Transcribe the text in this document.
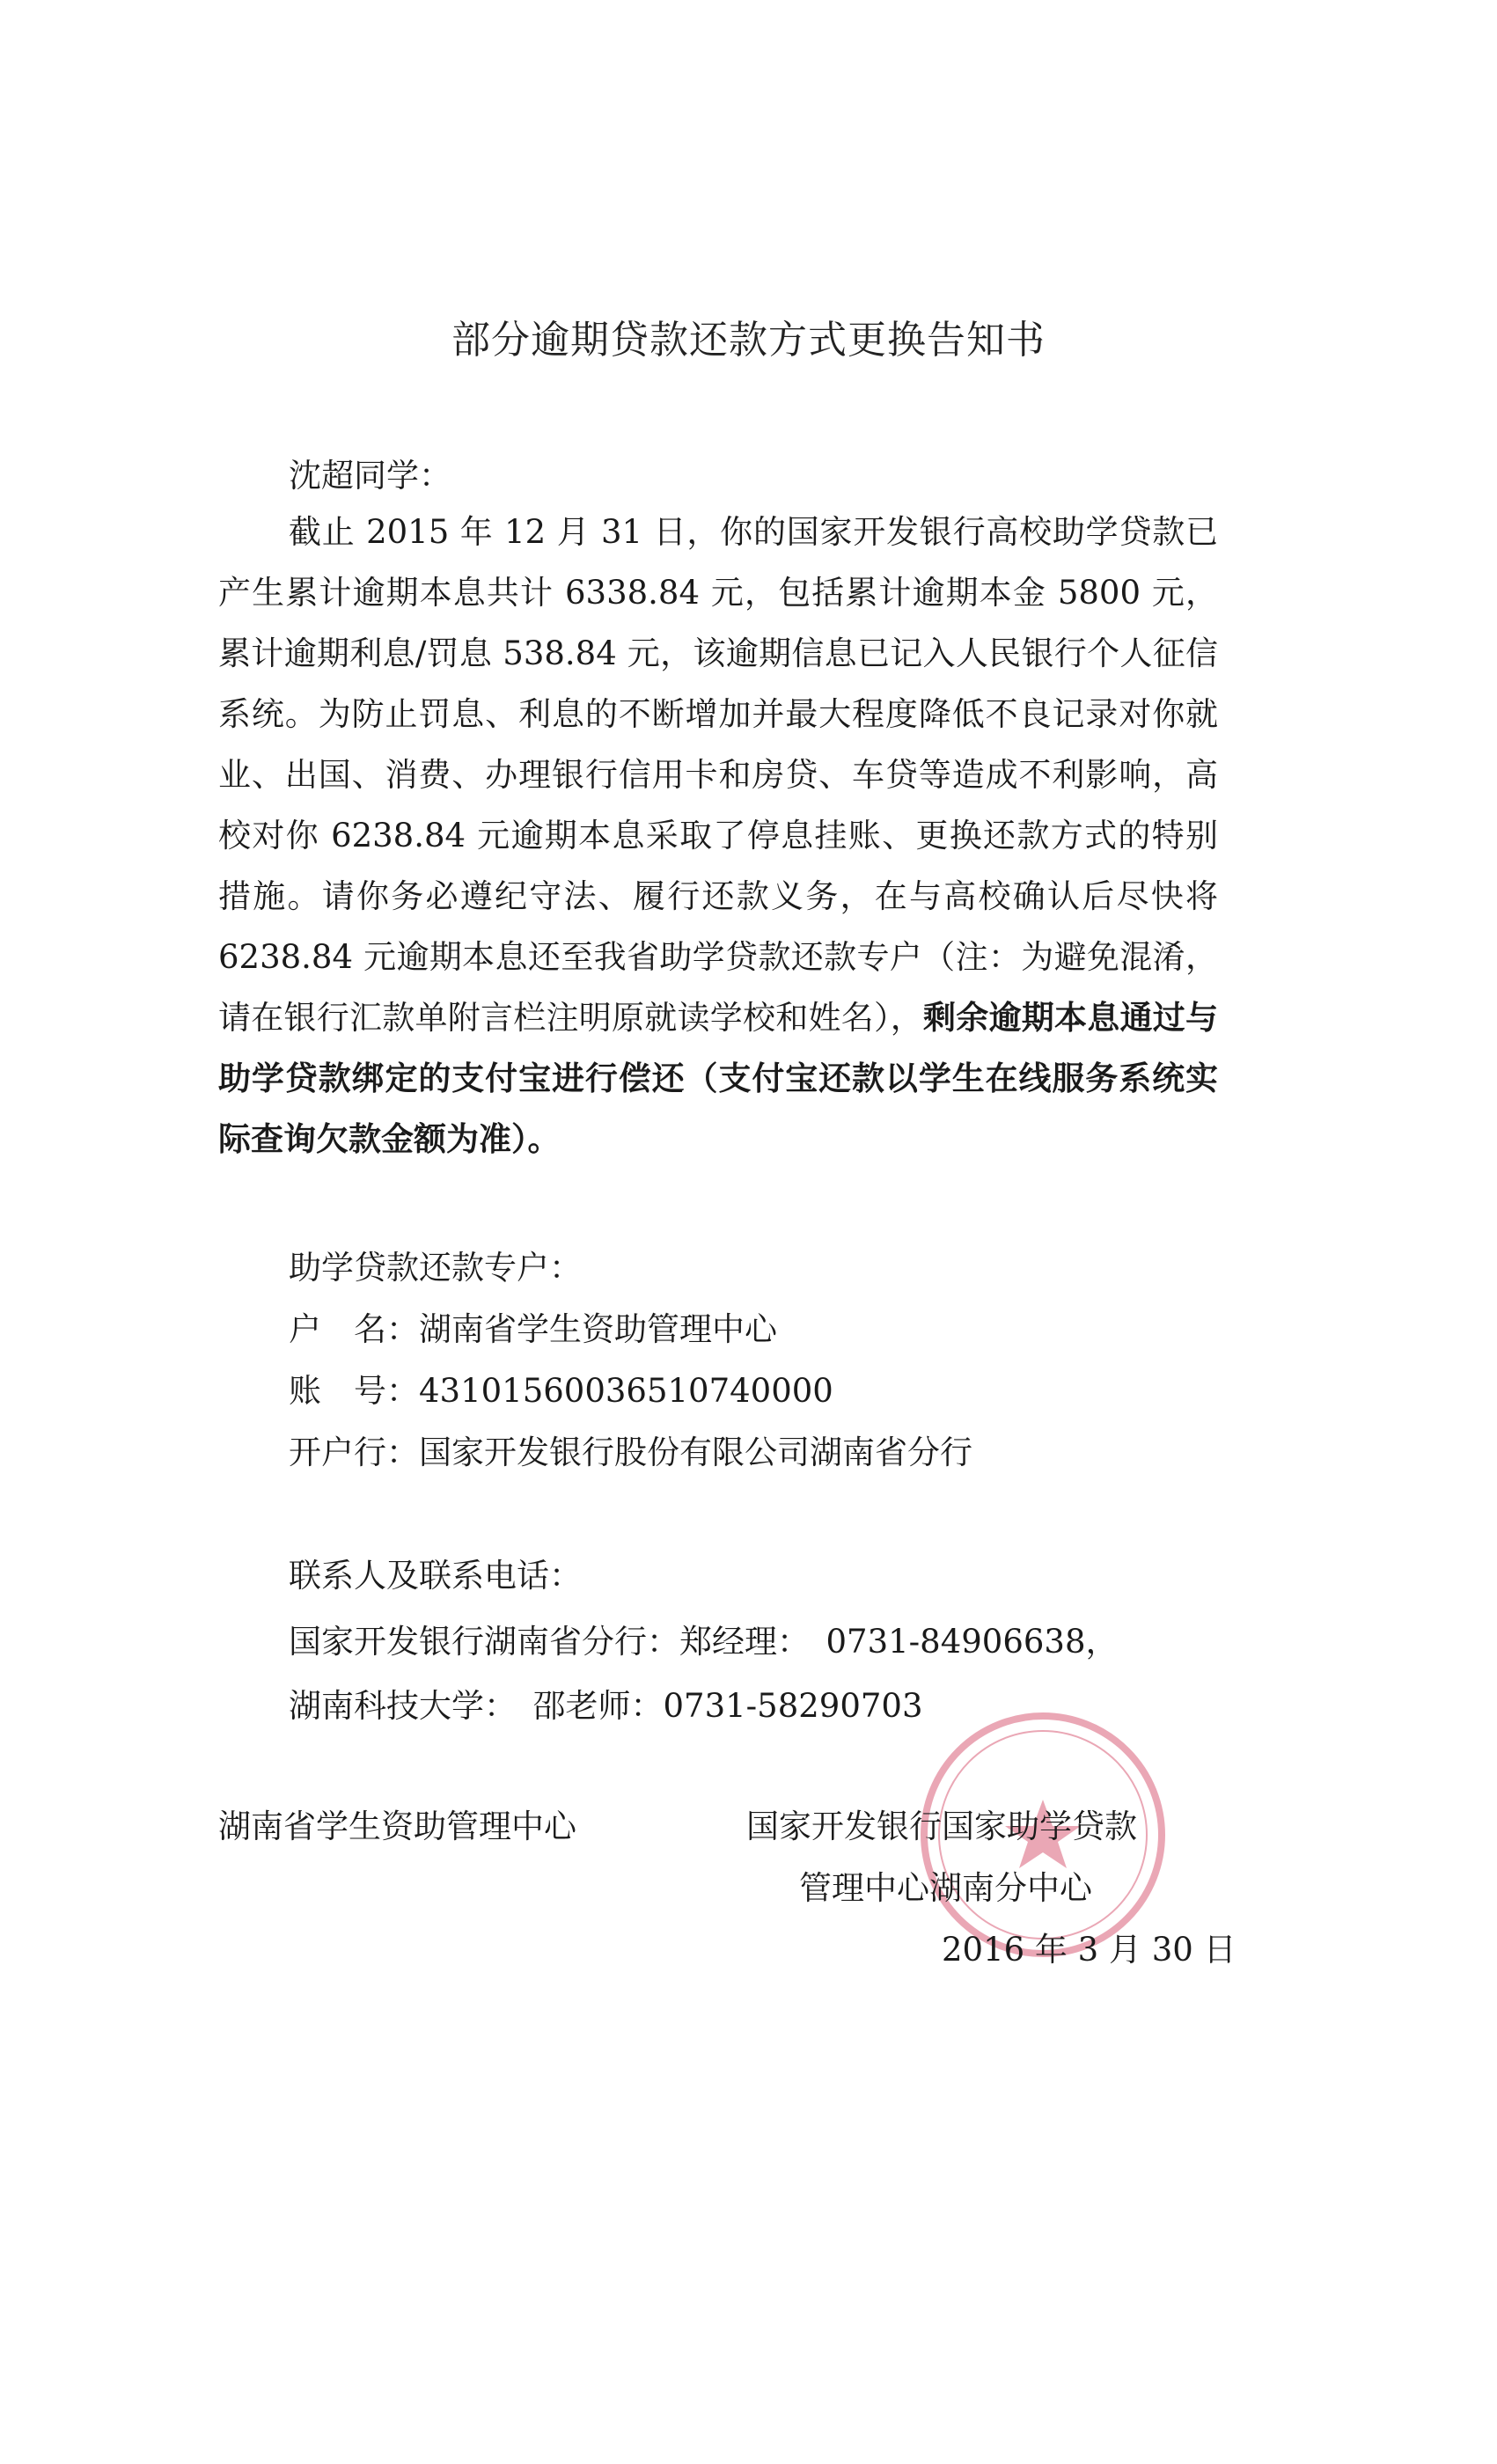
部分逾期贷款还款方式更换告知书
沈超同学：
截止 2015 年 12 月 31 日，你的国家开发银行高校助学贷款已产生累计逾期本息共计 6338.84 元，包括累计逾期本金 5800 元，累计逾期利息/罚息 538.84 元，该逾期信息已记入人民银行个人征信系统。为防止罚息、利息的不断增加并最大程度降低不良记录对你就业、出国、消费、办理银行信用卡和房贷、车贷等造成不利影响，高校对你 6238.84 元逾期本息采取了停息挂账、更换还款方式的特别措施。请你务必遵纪守法、履行还款义务，在与高校确认后尽快将 6238.84 元逾期本息还至我省助学贷款还款专户（注：为避免混淆，请在银行汇款单附言栏注明原就读学校和姓名），剩余逾期本息通过与助学贷款绑定的支付宝进行偿还（支付宝还款以学生在线服务系统实际查询欠款金额为准）。
助学贷款还款专户：
户　名：湖南省学生资助管理中心
账　号：43101560036510740000
开户行：国家开发银行股份有限公司湖南省分行
联系人及联系电话：
国家开发银行湖南省分行：郑经理：　0731-84906638，
湖南科技大学：　邵老师：0731-58290703
湖南省学生资助管理中心	国家开发银行国家助学贷款
管理中心湖南分中心
2016 年 3 月 30 日
